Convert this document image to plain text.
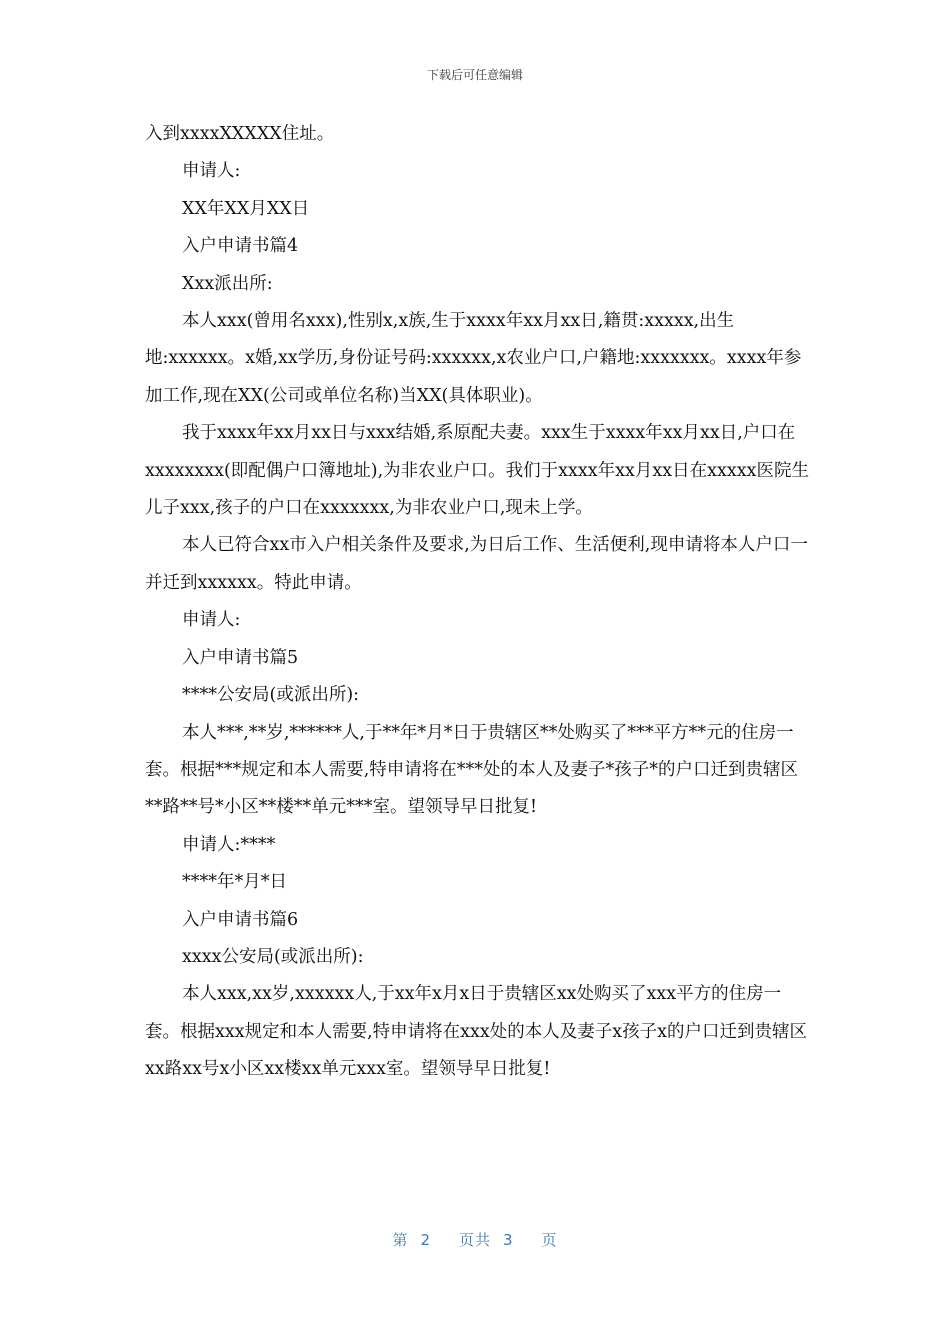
下载后可任意编辑

入到xxxxXXXXX住址。

申请人:

XX年XX月XX日

入户申请书篇4

Xxx派出所:

本人xxx(曾用名xxx),性别x,x族,生于xxxx年xx月xx日,籍贯:xxxxx,出生地:xxxxxx。x婚,xx学历,身份证号码:xxxxxx,x农业户口,户籍地:xxxxxxx。xxxx年参加工作,现在XX(公司或单位名称)当XX(具体职业)。

我于xxxx年xx月xx日与xxx结婚,系原配夫妻。xxx生于xxxx年xx月xx日,户口在xxxxxxxx(即配偶户口簿地址),为非农业户口。我们于xxxx年xx月xx日在xxxxx医院生儿子xxx,孩子的户口在xxxxxxx,为非农业户口,现未上学。

本人已符合xx市入户相关条件及要求,为日后工作、生活便利,现申请将本人户口一并迁到xxxxxx。特此申请。

申请人:

入户申请书篇5

****公安局(或派出所):

本人***,**岁,******人,于**年*月*日于贵辖区**处购买了***平方**元的住房一套。根据***规定和本人需要,特申请将在***处的本人及妻子*孩子*的户口迁到贵辖区**路**号*小区**楼**单元***室。望领导早日批复!

申请人:****

****年*月*日

入户申请书篇6

xxxx公安局(或派出所):

本人xxx,xx岁,xxxxxx人,于xx年x月x日于贵辖区xx处购买了xxx平方的住房一套。根据xxx规定和本人需要,特申请将在xxx处的本人及妻子x孩子x的户口迁到贵辖区xx路xx号x小区xx楼xx单元xxx室。望领导早日批复!

第 2 页共 3 页
